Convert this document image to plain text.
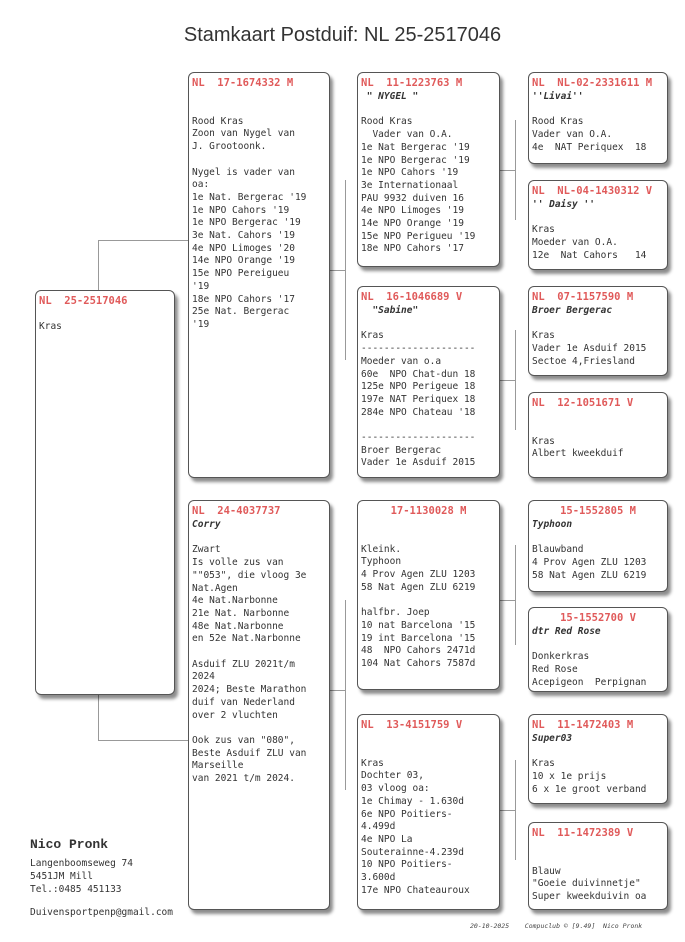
Stamkaart Postduif: NL 25-2517046
NL  25-2517046
Kras
NL  17-1674332 M
Rood Kras
Zoon van Nygel van
J. Grootoonk.

Nygel is vader van
oa:
1e Nat. Bergerac '19
1e NPO Cahors '19
1e NPO Bergerac '19
3e Nat. Cahors '19
4e NPO Limoges '20
14e NPO Orange '19
15e NPO Pereigueu
'19
18e NPO Cahors '17
25e Nat. Bergerac
'19
NL  24-4037737
Corry
Zwart
Is volle zus van
""053", die vloog 3e
Nat.Agen
4e Nat.Narbonne
21e Nat. Narbonne
48e Nat.Narbonne
en 52e Nat.Narbonne

Asduif ZLU 2021t/m
2024
2024; Beste Marathon
duif van Nederland
over 2 vluchten

Ook zus van "080",
Beste Asduif ZLU van
Marseille
van 2021 t/m 2024.
NL  11-1223763 M
" NYGEL "
Rood Kras
Vader van O.A.
1e Nat Bergerac '19
1e NPO Bergerac '19
1e NPO Cahors '19
3e Internationaal
PAU 9932 duiven 16
4e NPO Limoges '19
14e NPO Orange '19
15e NPO Perigueu '19
18e NPO Cahors '17
NL  16-1046689 V
"Sabine"
Kras
--------------------
Moeder van o.a
60e  NPO Chat-dun 18
125e NPO Perigeue 18
197e NAT Periquex 18
284e NPO Chateau '18

--------------------
Broer Bergerac
Vader 1e Asduif 2015
17-1130028 M
Kleink.
Typhoon
4 Prov Agen ZLU 1203
58 Nat Agen ZLU 6219

halfbr. Joep
10 nat Barcelona '15
19 int Barcelona '15
48  NPO Cahors 2471d
104 Nat Cahors 7587d
NL  13-4151759 V
Kras
Dochter 03,
03 vloog oa:
1e Chimay - 1.630d
6e NPO Poitiers-
4.499d
4e NPO La
Souterainne-4.239d
10 NPO Poitiers-
3.600d
17e NPO Chateauroux
NL  NL-02-2331611 M
''Livai''
Rood Kras
Vader van O.A.
4e  NAT Periquex  18
NL  NL-04-1430312 V
'' Daisy ''
Kras
Moeder van O.A.
12e  Nat Cahors   14
NL  07-1157590 M
Broer Bergerac
Kras
Vader 1e Asduif 2015
Sectoe 4,Friesland
NL  12-1051671 V
Kras
Albert kweekduif
15-1552805 M
Typhoon
Blauwband
4 Prov Agen ZLU 1203
58 Nat Agen ZLU 6219
15-1552700 V
dtr Red Rose
Donkerkras
Red Rose
Acepigeon  Perpignan
NL  11-1472403 M
Super03
Kras
10 x 1e prijs
6 x 1e groot verband
NL  11-1472389 V
Blauw
"Goeie duivinnetje"
Super kweekduivin oa
Nico Pronk
Langenboomseweg 74
5451JM Mill
Tel.:0485 451133
Duivensportpenp@gmail.com
20-10-2025    Compuclub © [9.49]  Nico Pronk
